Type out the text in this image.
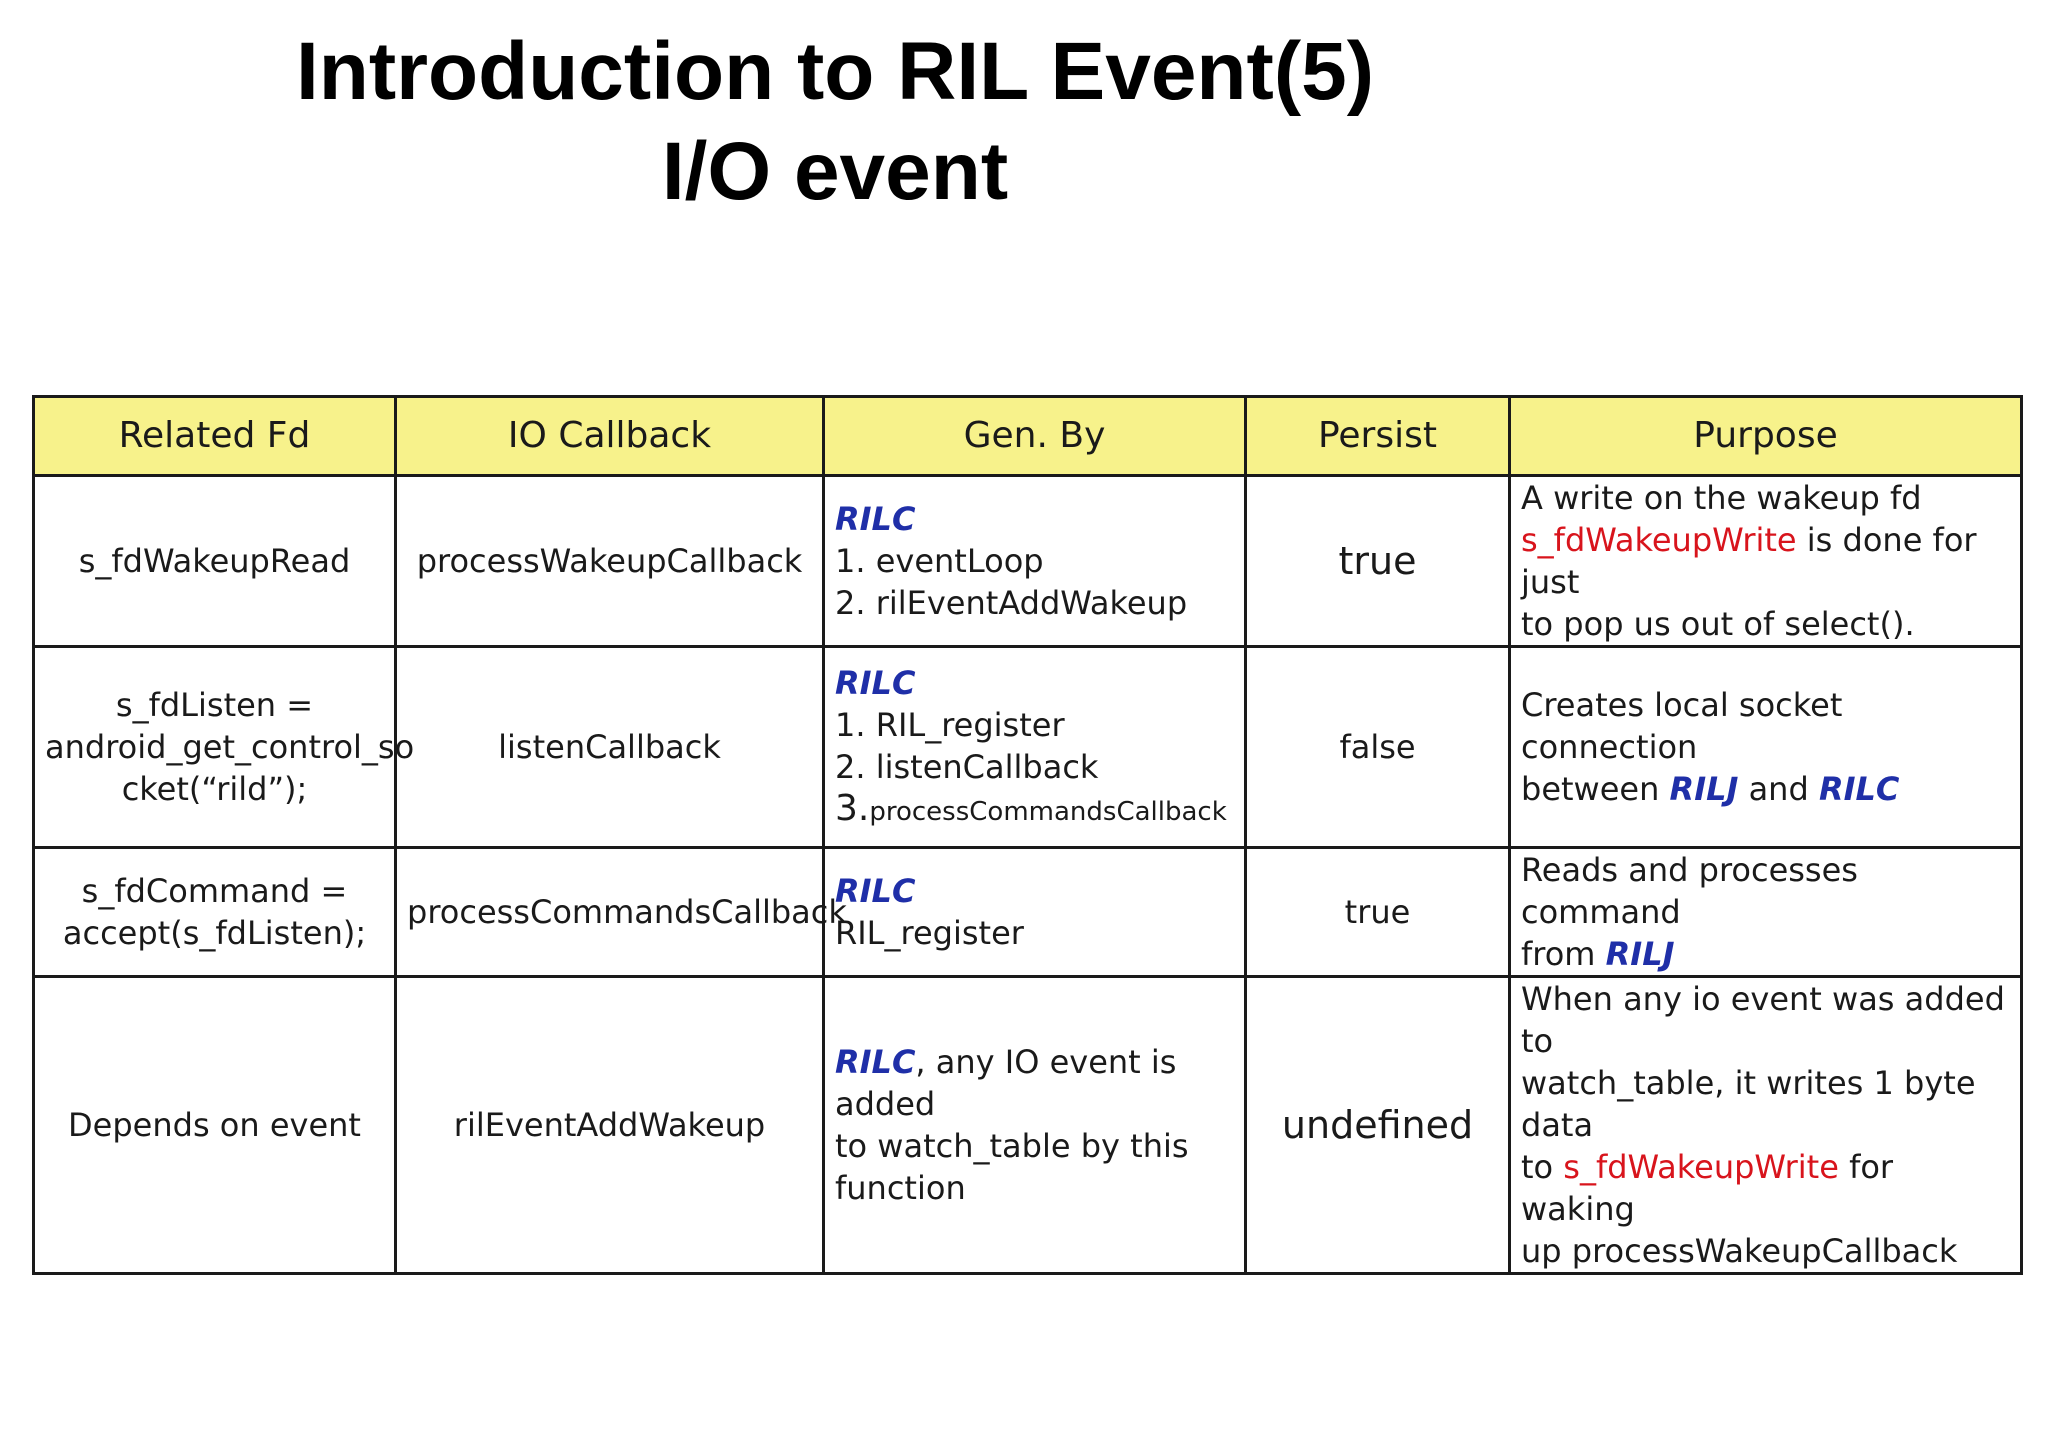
Introduction to RIL Event(5)
I/O event
Related Fd	IO Callback	Gen. By	Persist	Purpose
s_fdWakeupRead	processWakeupCallback	RILC
1. eventLoop
2. rilEventAddWakeup	true	A write on the wakeup fd
s_fdWakeupWrite is done for just
to pop us out of select().

s_fdListen =
android_get_control_so
cket(“rild”);	listenCallback	RILC
1. RIL_register
2. listenCallback
3.processCommandsCallback	false	Creates local socket connection
between RILJ and RILC

s_fdCommand =
accept(s_fdListen);	processCommandsCallback	RILC
RIL_register	true	Reads and processes command
from RILJ

Depends on event	rilEventAddWakeup	RILC, any IO event is added
to watch_table by this
function	undefined	When any io event was added to
watch_table, it writes 1 byte data
to s_fdWakeupWrite for waking
up processWakeupCallback
